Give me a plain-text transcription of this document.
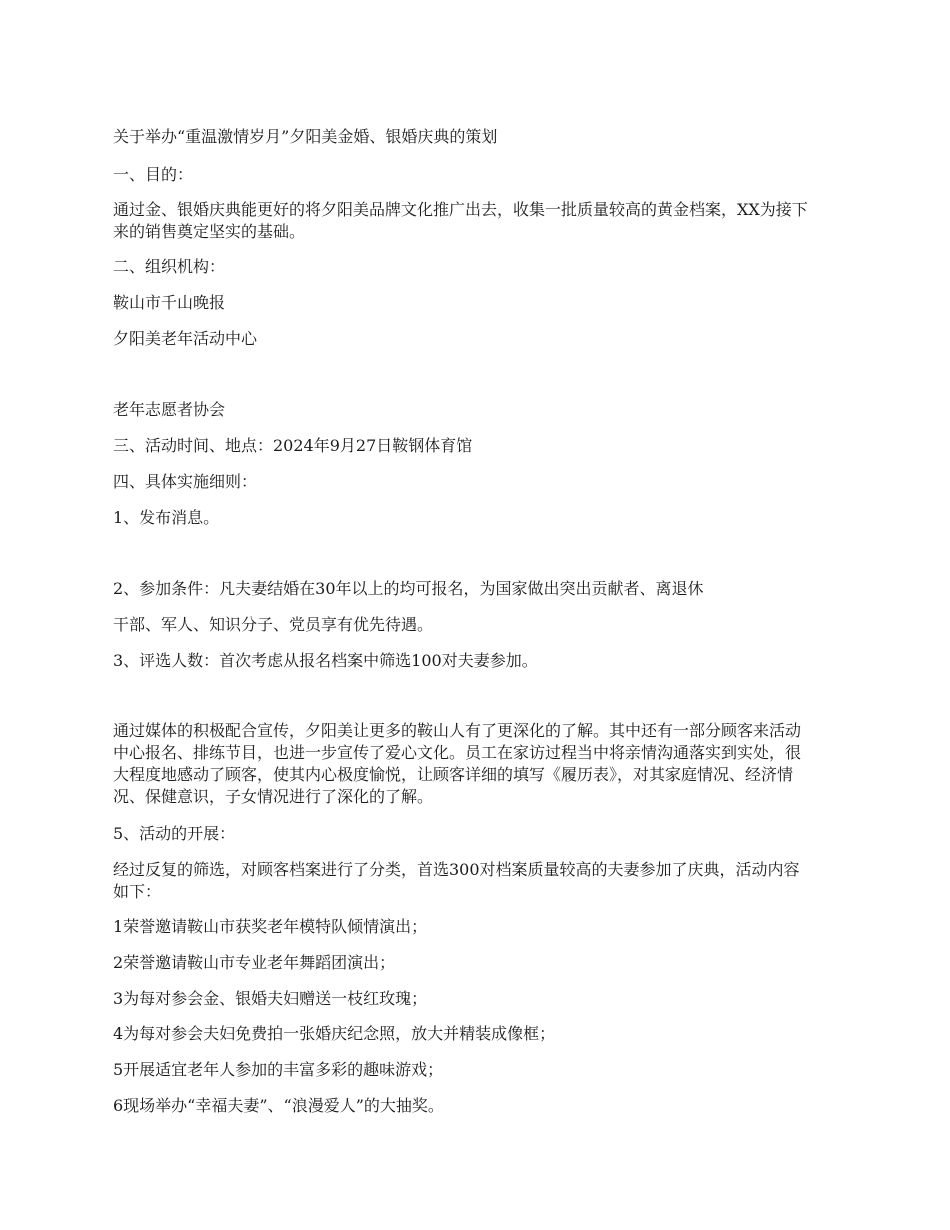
关于举办“重温激情岁月”夕阳美金婚、银婚庆典的策划

一、目的：

通过金、银婚庆典能更好的将夕阳美品牌文化推广出去，收集一批质量较高的黄金档案，XX为接下来的销售奠定坚实的基础。

二、组织机构：

鞍山市千山晚报

夕阳美老年活动中心

老年志愿者协会

三、活动时间、地点：2024年9月27日鞍钢体育馆

四、具体实施细则：

1、发布消息。

2、参加条件：凡夫妻结婚在30年以上的均可报名，为国家做出突出贡献者、离退休

干部、军人、知识分子、党员享有优先待遇。

3、评选人数：首次考虑从报名档案中筛选100对夫妻参加。

通过媒体的积极配合宣传，夕阳美让更多的鞍山人有了更深化的了解。其中还有一部分顾客来活动中心报名、排练节目，也进一步宣传了爱心文化。员工在家访过程当中将亲情沟通落实到实处，很大程度地感动了顾客，使其内心极度愉悦，让顾客详细的填写《履历表》，对其家庭情况、经济情况、保健意识，子女情况进行了深化的了解。

5、活动的开展：

经过反复的筛选，对顾客档案进行了分类，首选300对档案质量较高的夫妻参加了庆典，活动内容如下：

1荣誉邀请鞍山市获奖老年模特队倾情演出；

2荣誉邀请鞍山市专业老年舞蹈团演出；

3为每对参会金、银婚夫妇赠送一枝红玫瑰；

4为每对参会夫妇免费拍一张婚庆纪念照，放大并精装成像框；

5开展适宜老年人参加的丰富多彩的趣味游戏；

6现场举办“幸福夫妻”、“浪漫爱人”的大抽奖。
